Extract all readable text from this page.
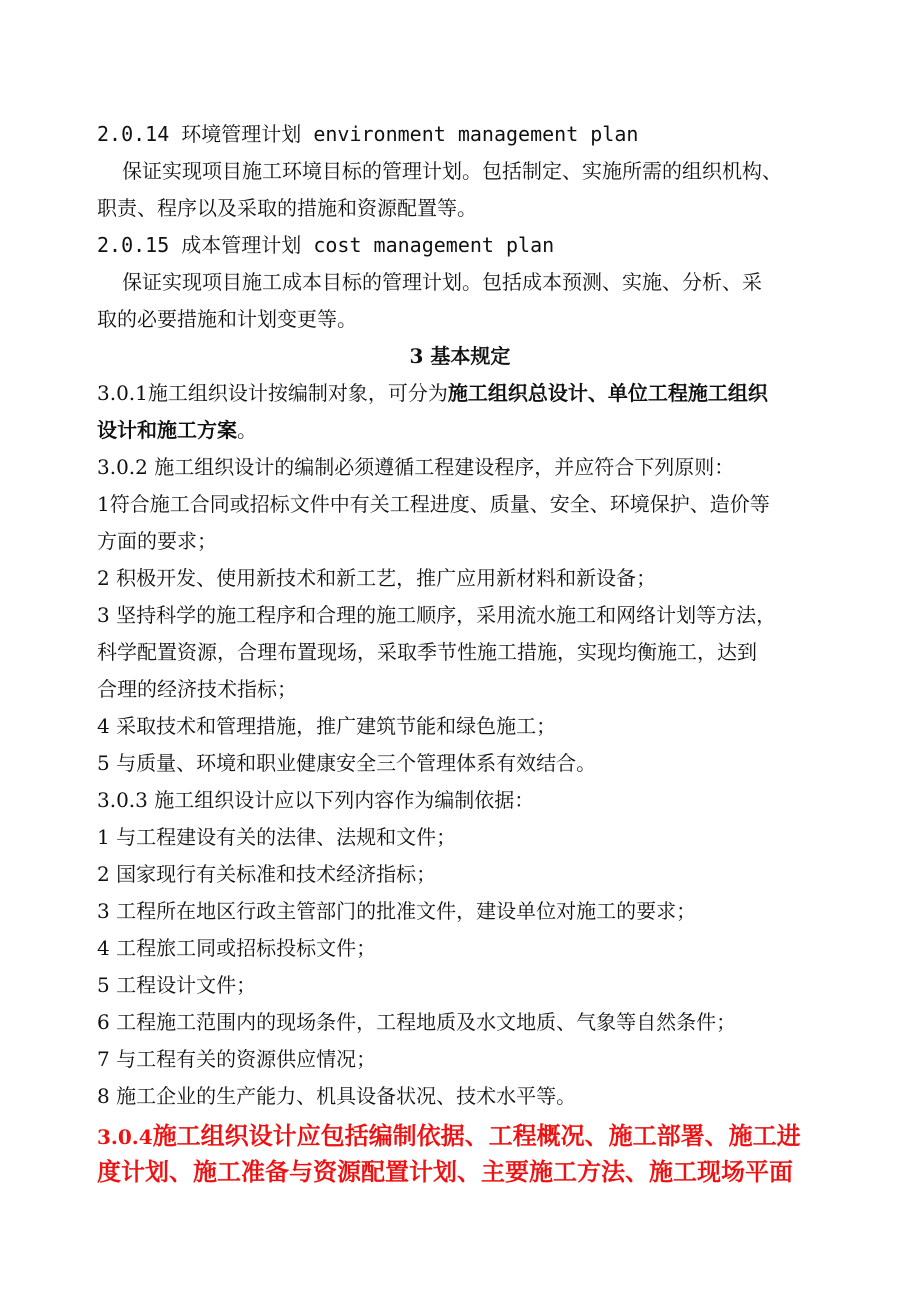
2.0.14 环境管理计划 environment management plan
保证实现项目施工环境目标的管理计划。包括制定、实施所需的组织机构、
职责、程序以及采取的措施和资源配置等。
2.0.15 成本管理计划 cost management plan
保证实现项目施工成本目标的管理计划。包括成本预测、实施、分析、采
取的必要措施和计划变更等。
3 基本规定
3.0.1施工组织设计按编制对象，可分为施工组织总设计、单位工程施工组织
设计和施工方案。
3.0.2 施工组织设计的编制必须遵循工程建设程序，并应符合下列原则：
1符合施工合同或招标文件中有关工程进度、质量、安全、环境保护、造价等
方面的要求；
2 积极开发、使用新技术和新工艺，推广应用新材料和新设备；
3 坚持科学的施工程序和合理的施工顺序，采用流水施工和网络计划等方法，
科学配置资源，合理布置现场，采取季节性施工措施，实现均衡施工，达到
合理的经济技术指标；
4 采取技术和管理措施，推广建筑节能和绿色施工；
5 与质量、环境和职业健康安全三个管理体系有效结合。
3.0.3 施工组织设计应以下列内容作为编制依据：
1 与工程建设有关的法律、法规和文件；
2 国家现行有关标准和技术经济指标；
3 工程所在地区行政主管部门的批准文件，建设单位对施工的要求；
4 工程旅工同或招标投标文件；
5 工程设计文件；
6 工程施工范围内的现场条件，工程地质及水文地质、气象等自然条件；
7 与工程有关的资源供应情况；
8 施工企业的生产能力、机具设备状况、技术水平等。
3.0.4施工组织设计应包括编制依据、工程概况、施工部署、施工进
度计划、施工准备与资源配置计划、主要施工方法、施工现场平面
